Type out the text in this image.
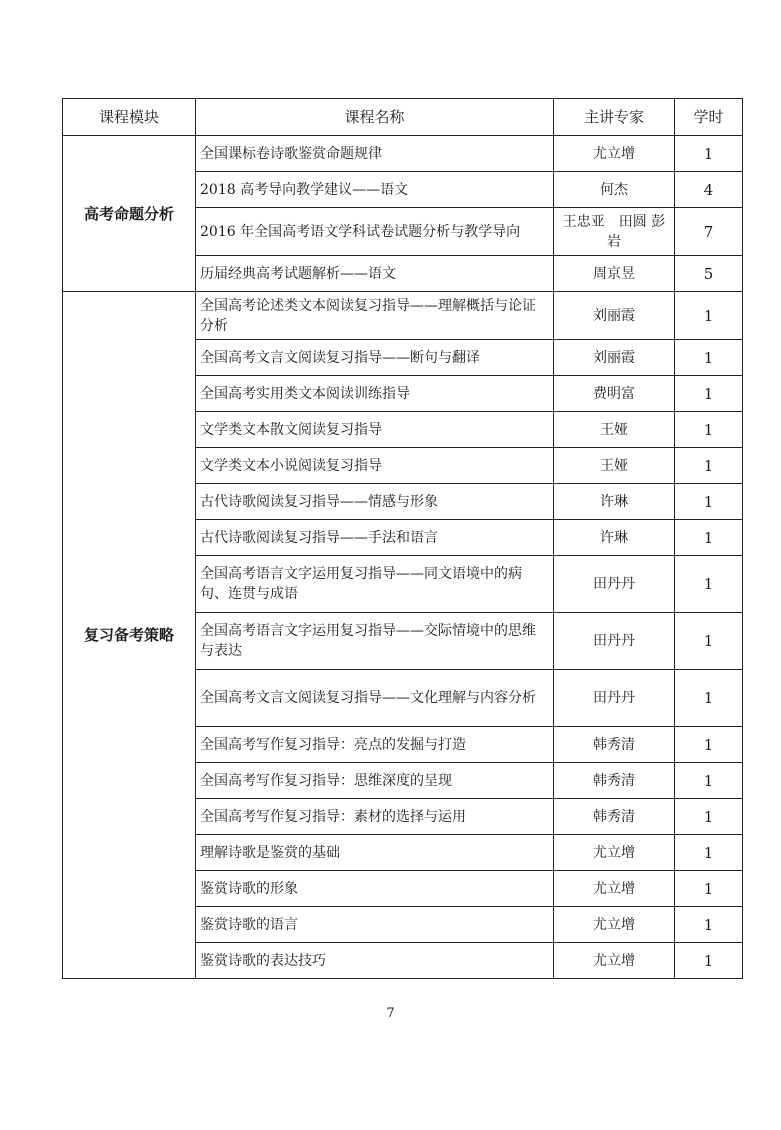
课程模块	课程名称	主讲专家	学时
高考命题分析	全国课标卷诗歌鉴赏命题规律	尤立增	1
	2018 高考导向教学建议——语文	何杰	4
	2016 年全国高考语文学科试卷试题分析与教学导向	王忠亚　田圆 彭岩	7
	历届经典高考试题解析——语文	周京昱	5
复习备考策略	全国高考论述类文本阅读复习指导——理解概括与论证分析	刘丽霞	1
	全国高考文言文阅读复习指导——断句与翻译	刘丽霞	1
	全国高考实用类文本阅读训练指导	费明富	1
	文学类文本散文阅读复习指导	王娅	1
	文学类文本小说阅读复习指导	王娅	1
	古代诗歌阅读复习指导——情感与形象	许琳	1
	古代诗歌阅读复习指导——手法和语言	许琳	1
	全国高考语言文字运用复习指导——同文语境中的病句、连贯与成语	田丹丹	1
	全国高考语言文字运用复习指导——交际情境中的思维与表达	田丹丹	1
	全国高考文言文阅读复习指导——文化理解与内容分析	田丹丹	1
	全国高考写作复习指导：亮点的发掘与打造	韩秀清	1
	全国高考写作复习指导：思维深度的呈现	韩秀清	1
	全国高考写作复习指导：素材的选择与运用	韩秀清	1
	理解诗歌是鉴赏的基础	尤立增	1
	鉴赏诗歌的形象	尤立增	1
	鉴赏诗歌的语言	尤立增	1
	鉴赏诗歌的表达技巧	尤立增	1
7
